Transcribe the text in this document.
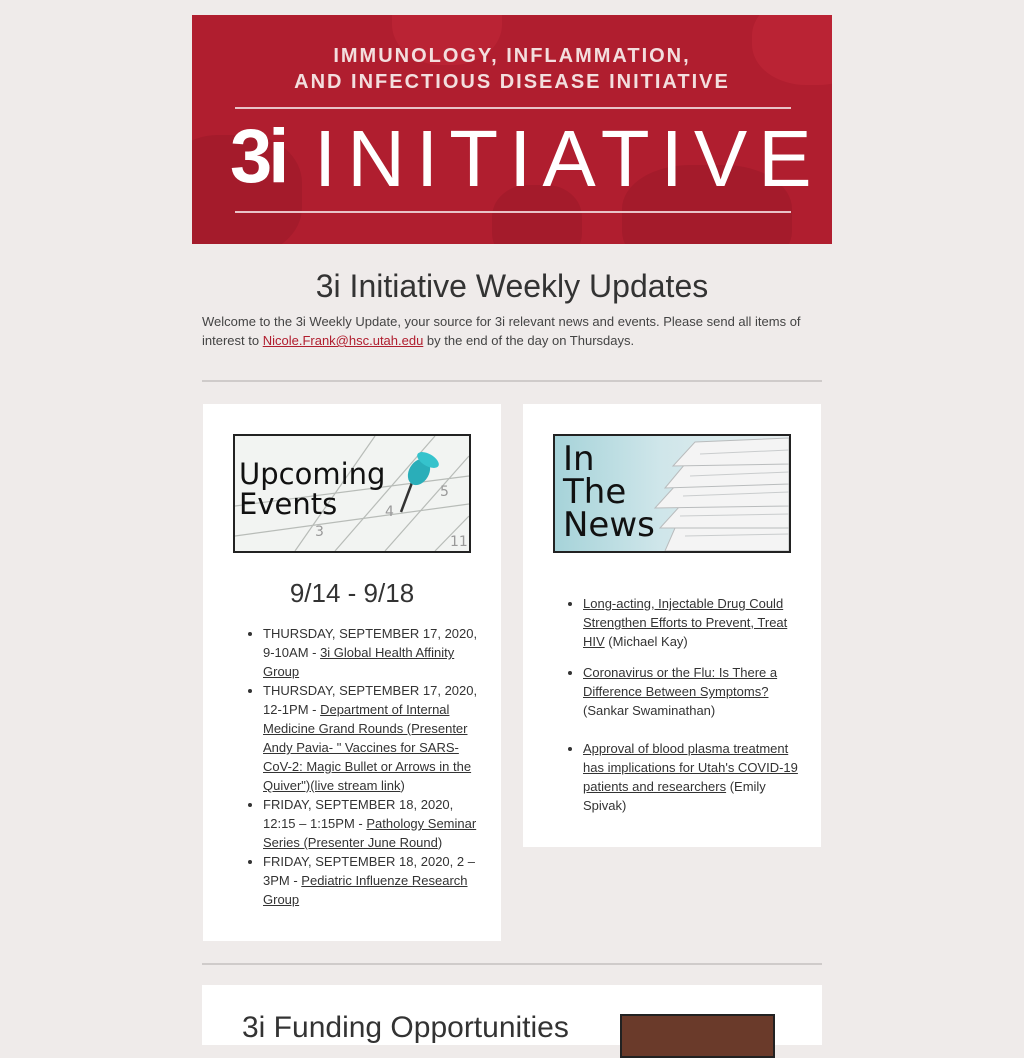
IMMUNOLOGY, INFLAMMATION,
AND INFECTIOUS DISEASE INITIATIVE
3i INITIATIVE
3i Initiative Weekly Updates
Welcome to the 3i Weekly Update, your source for 3i relevant news and events. Please send all items of interest to Nicole.Frank@hsc.utah.edu by the end of the day on Thursdays.
3
4
5
11
Upcoming
Events
9/14 - 9/18
• THURSDAY, SEPTEMBER 17, 2020, 9-10AM - 3i Global Health Affinity Group
• THURSDAY, SEPTEMBER 17, 2020, 12-1PM - Department of Internal Medicine Grand Rounds (Presenter Andy Pavia- " Vaccines for SARS-CoV-2: Magic Bullet or Arrows in the Quiver")(live stream link)
• FRIDAY, SEPTEMBER 18, 2020, 12:15 – 1:15PM - Pathology Seminar Series (Presenter June Round)
• FRIDAY, SEPTEMBER 18, 2020, 2 – 3PM - Pediatric Influenze Research Group
In
The
News
• Long-acting, Injectable Drug Could Strengthen Efforts to Prevent, Treat HIV (Michael Kay)
• Coronavirus or the Flu: Is There a Difference Between Symptoms? (Sankar Swaminathan)
• Approval of blood plasma treatment has implications for Utah's COVID-19 patients and researchers (Emily Spivak)
3i Funding Opportunities
